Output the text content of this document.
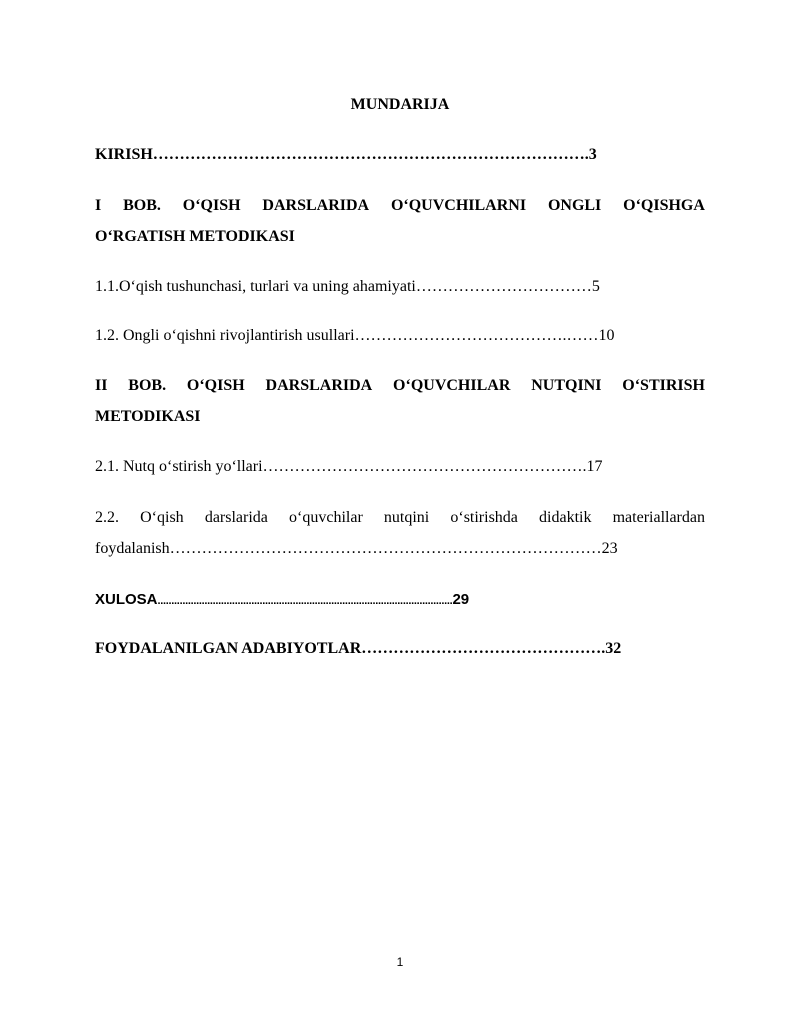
MUNDARIJA
KIRISH……………………………………………………………………….3
I BOB. O‘QISH DARSLARIDA O‘QUVCHILARNI ONGLI O‘QISHGA
O‘RGATISH METODIKASI
1.1.O‘qish tushunchasi, turlari va uning ahamiyati……………………………5
1.2. Ongli o‘qishni rivojlantirish usullari………………………………….……10
II BOB. O‘QISH DARSLARIDA O‘QUVCHILAR NUTQINI O‘STIRISH
METODIKASI
2.1. Nutq o‘stirish yo‘llari…………………………………………………….17
2.2. O‘qish darslarida o‘quvchilar nutqini o‘stirishda didaktik materiallardan
foydalanish………………………………………………………………………23
XULOSA...........................................................................................................29
FOYDALANILGAN ADABIYOTLAR……………………………………….32
1
